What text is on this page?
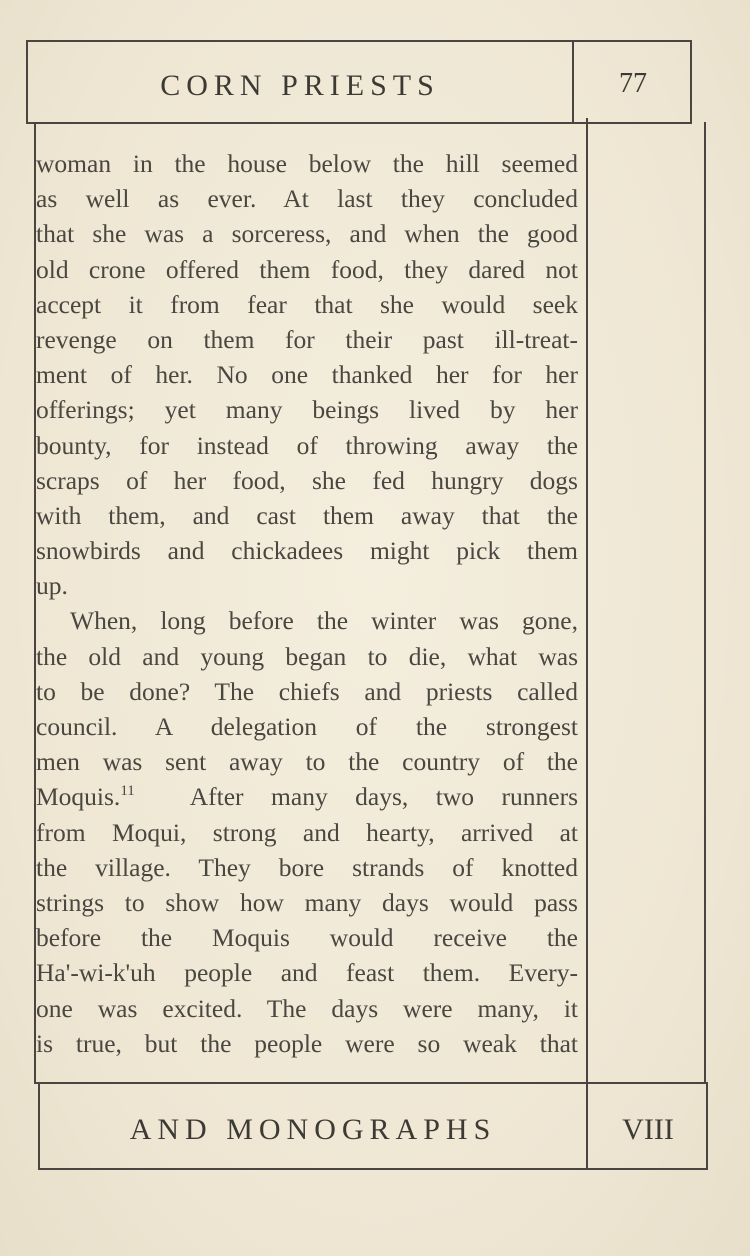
CORN PRIESTS	77
woman in the house below the hill seemed
as well as ever. At last they concluded
that she was a sorceress, and when the good
old crone offered them food, they dared not
accept it from fear that she would seek
revenge on them for their past ill-treat-
ment of her. No one thanked her for her
offerings; yet many beings lived by her
bounty, for instead of throwing away the
scraps of her food, she fed hungry dogs
with them, and cast them away that the
snowbirds and chickadees might pick them
up.
When, long before the winter was gone,
the old and young began to die, what was
to be done? The chiefs and priests called
council. A delegation of the strongest
men was sent away to the country of the
Moquis.$^{11}$ After many days, two runners
from Moqui, strong and hearty, arrived at
the village. They bore strands of knotted
strings to show how many days would pass
before the Moquis would receive the
Ha'-wi-k'uh people and feast them. Every-
one was excited. The days were many, it
is true, but the people were so weak that
AND MONOGRAPHS	VIII
